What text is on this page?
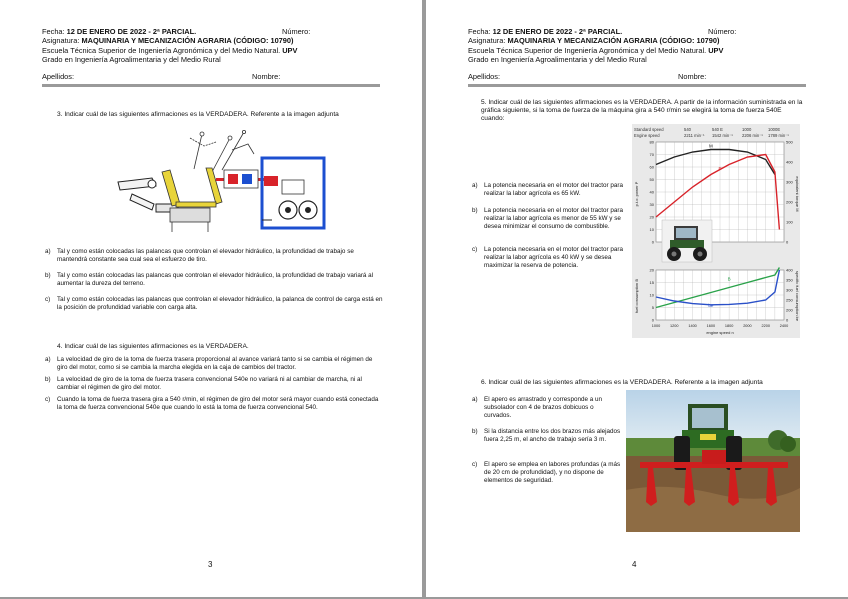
Fecha: 12 DE ENERO DE 2022 - 2ª PARCIAL.	Número:
Asignatura: MAQUINARIA Y MECANIZACIÓN AGRARIA (CÓDIGO: 10790)
Escuela Técnica Superior de Ingeniería Agronómica y del Medio Natural. UPV
Grado en Ingeniería Agroalimentaria y del Medio Rural
Apellidos:	Nombre:
3. Indicar cuál de las siguientes afirmaciones es la VERDADERA. Referente a la imagen adjunta
a)	Tal y como están colocadas las palancas que controlan el elevador hidráulico, la profundidad de trabajo se mantendrá constante sea cual sea el esfuerzo de tiro.
b)	Tal y como están colocadas las palancas que controlan el elevador hidráulico, la profundidad de trabajo variará al aumentar la dureza del terreno.
c)	Tal y como están colocadas las palancas que controlan el elevador hidráulico, la palanca de control de carga está en la posición de profundidad variable con carga alta.
4. Indicar cuál de las siguientes afirmaciones es la VERDADERA.
a)	La velocidad de giro de la toma de fuerza trasera proporcional al avance variará tanto si se cambia el régimen de giro del motor, como si se cambia la marcha elegida en la caja de cambios del tractor.
b)	La velocidad de giro de la toma de fuerza trasera convencional 540e no variará ni al cambiar de marcha, ni al cambiar el régimen de giro del motor.
c)	Cuando la toma de fuerza trasera gira a 540 r/min, el régimen de giro del motor será mayor cuando está conectada la toma de fuerza convencional 540e que cuando lo está la toma de fuerza convencional 540.
3
Fecha: 12 DE ENERO DE 2022 - 2ª PARCIAL.	Número:
Asignatura: MAQUINARIA Y MECANIZACIÓN AGRARIA (CÓDIGO: 10790)
Escuela Técnica Superior de Ingeniería Agronómica y del Medio Natural. UPV
Grado en Ingeniería Agroalimentaria y del Medio Rural
Apellidos:	Nombre:
5. Indicar cuál de las siguientes afirmaciones es la VERDADERA. A partir de la información suministrada en la gráfica siguiente, si la toma de fuerza de la máquina gira a 540 r/min se elegirá la toma de fuerza 540E cuando:
a)	La potencia necesaria en el motor del tractor para realizar la labor agrícola es 65 kW.
b)	La potencia necesaria en el motor del tractor para realizar la labor agrícola es menor de 55 kW y se desea minimizar el consumo de combustible.
c)	La potencia necesaria en el motor del tractor para realizar la labor agrícola es 40 kW y se desea maximizar la reserva de potencia.
Standard speed	540	540 E	1000	1000E
Engine speed	2211 min⁻¹ 1542 min⁻¹ 2206 min⁻¹ 1789 min⁻¹
0
10
20
30
40
50
60
70
80
0
100
200
300
400
500
p.t.o. power P	equivalent torque M
M
P
0
5
10
15
20
0
200
250
300
350
400
fuel consumption B	specific fuel consumption be
B
be
1000	1200	1400	1600	1800	2000	2200	2400
engine speed n
6. Indicar cuál de las siguientes afirmaciones es la VERDADERA. Referente a la imagen adjunta
a)	El apero es arrastrado y corresponde a un subsolador con 4 de brazos dobicuos o curvados.
b)	Si la distancia entre los dos brazos más alejados fuera 2,25 m, el ancho de trabajo sería 3 m.
c)	El apero se emplea en labores profundas (a más de 20 cm de profundidad), y no dispone de elementos de seguridad.
4
